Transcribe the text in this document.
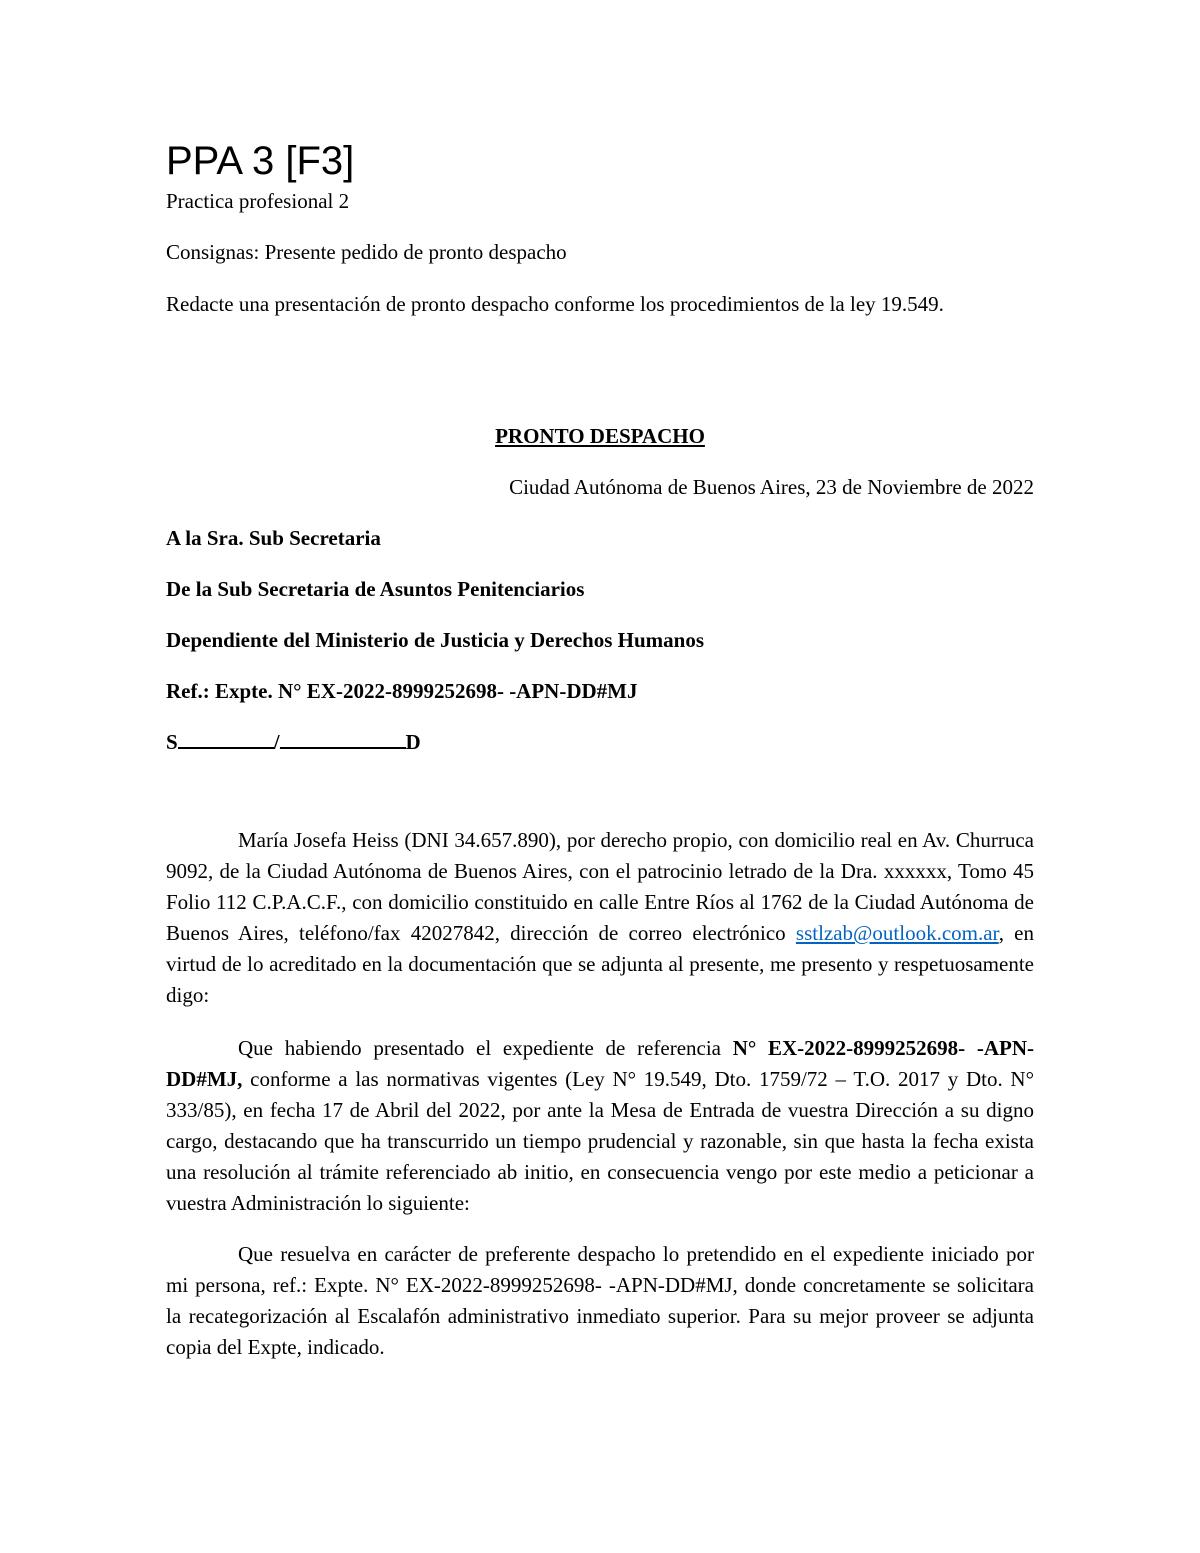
PPA 3 [F3]

Practica profesional 2

Consignas: Presente pedido de pronto despacho

Redacte una presentación de pronto despacho conforme los procedimientos de la ley 19.549.

PRONTO DESPACHO

Ciudad Autónoma de Buenos Aires, 23 de Noviembre de 2022

A la Sra. Sub Secretaria

De la Sub Secretaria de Asuntos Penitenciarios

Dependiente del Ministerio de Justicia y Derechos Humanos

Ref.: Expte. N° EX-2022-8999252698- -APN-DD#MJ

S	/	D

María Josefa Heiss (DNI 34.657.890), por derecho propio, con domicilio real en Av. Churruca 9092, de la Ciudad Autónoma de Buenos Aires, con el patrocinio letrado de la Dra. xxxxxx, Tomo 45 Folio 112 C.P.A.C.F., con domicilio constituido en calle Entre Ríos al 1762 de la Ciudad Autónoma de Buenos Aires, teléfono/fax 42027842, dirección de correo electrónico sstlzab@outlook.com.ar, en virtud de lo acreditado en la documentación que se adjunta al presente, me presento y respetuosamente digo:

Que habiendo presentado el expediente de referencia N° EX-2022-8999252698- -APN-DD#MJ, conforme a las normativas vigentes (Ley N° 19.549, Dto. 1759/72 – T.O. 2017 y Dto. N° 333/85), en fecha 17 de Abril del 2022, por ante la Mesa de Entrada de vuestra Dirección a su digno cargo, destacando que ha transcurrido un tiempo prudencial y razonable, sin que hasta la fecha exista una resolución al trámite referenciado ab initio, en consecuencia vengo por este medio a peticionar a vuestra Administración lo siguiente:

Que resuelva en carácter de preferente despacho lo pretendido en el expediente iniciado por mi persona, ref.: Expte. N° EX-2022-8999252698- -APN-DD#MJ, donde concretamente se solicitara la recategorización al Escalafón administrativo inmediato superior. Para su mejor proveer se adjunta copia del Expte, indicado.
